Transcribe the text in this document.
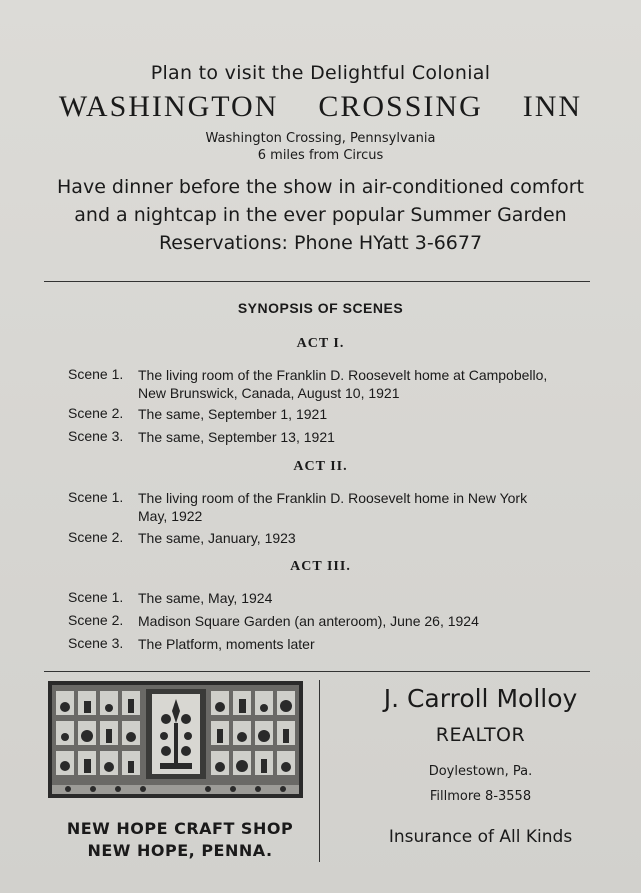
Plan to visit the Delightful Colonial
WASHINGTON CROSSING INN
Washington Crossing, Pennsylvania
6 miles from Circus
Have dinner before the show in air-conditioned comfort
and a nightcap in the ever popular Summer Garden
Reservations: Phone HYatt 3-6677
SYNOPSIS OF SCENES
ACT I.
Scene 1. The living room of the Franklin D. Roosevelt home at Campobello,
New Brunswick, Canada, August 10, 1921
Scene 2. The same, September 1, 1921
Scene 3. The same, September 13, 1921
ACT II.
Scene 1. The living room of the Franklin D. Roosevelt home in New York
May, 1922
Scene 2. The same, January, 1923
ACT III.
Scene 1. The same, May, 1924
Scene 2. Madison Square Garden (an anteroom), June 26, 1924
Scene 3. The Platform, moments later
NEW HOPE CRAFT SHOP
NEW HOPE, PENNA.
J. Carroll Molloy
REALTOR
Doylestown, Pa.
Fillmore 8-3558
Insurance of All Kinds
